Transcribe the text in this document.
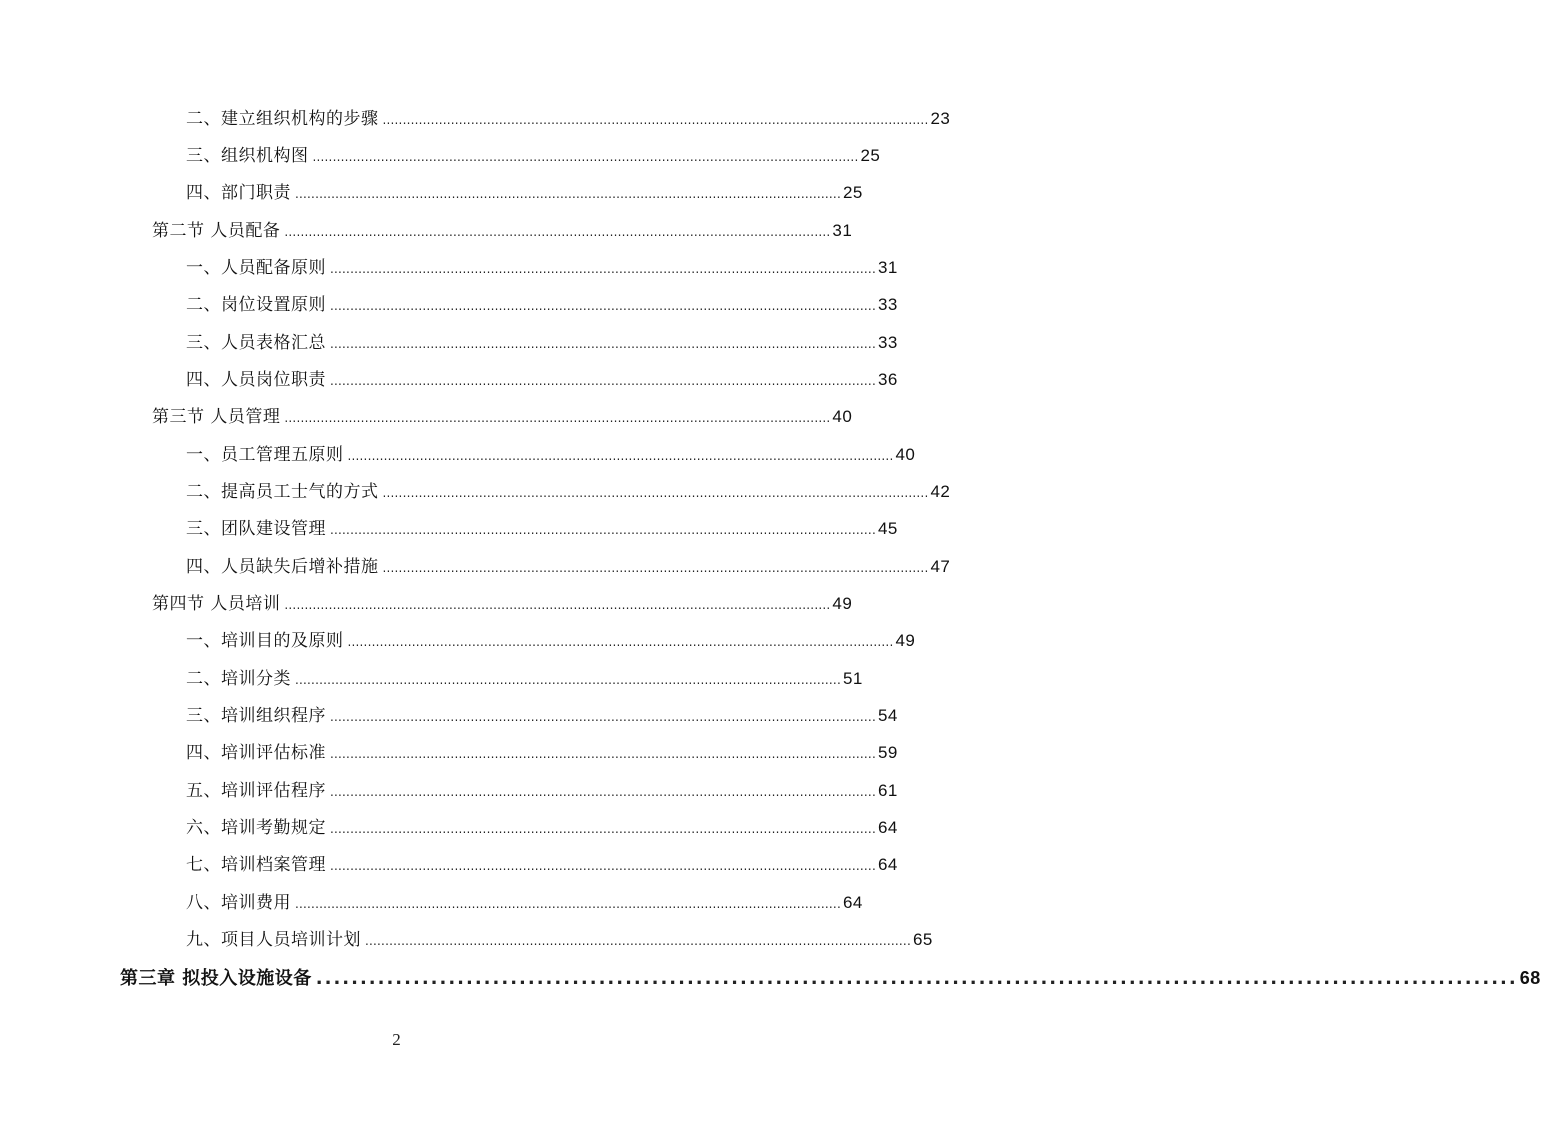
二、建立组织机构的步骤 ........................................................................................................................................ 23
三、组织机构图 ........................................................................................................................................ 25
四、部门职责 ........................................................................................................................................ 25
第二节 人员配备 ........................................................................................................................................ 31
一、人员配备原则 ........................................................................................................................................ 31
二、岗位设置原则 ........................................................................................................................................ 33
三、人员表格汇总 ........................................................................................................................................ 33
四、人员岗位职责 ........................................................................................................................................ 36
第三节 人员管理 ........................................................................................................................................ 40
一、员工管理五原则 ........................................................................................................................................ 40
二、提高员工士气的方式 ........................................................................................................................................ 42
三、团队建设管理 ........................................................................................................................................ 45
四、人员缺失后增补措施 ........................................................................................................................................ 47
第四节 人员培训 ........................................................................................................................................ 49
一、培训目的及原则 ........................................................................................................................................ 49
二、培训分类 ........................................................................................................................................ 51
三、培训组织程序 ........................................................................................................................................ 54
四、培训评估标准 ........................................................................................................................................ 59
五、培训评估程序 ........................................................................................................................................ 61
六、培训考勤规定 ........................................................................................................................................ 64
七、培训档案管理 ........................................................................................................................................ 64
八、培训费用 ........................................................................................................................................ 64
九、项目人员培训计划 ........................................................................................................................................ 65
第三章 拟投入设施设备 ........................................................................................................................................ 68
2
